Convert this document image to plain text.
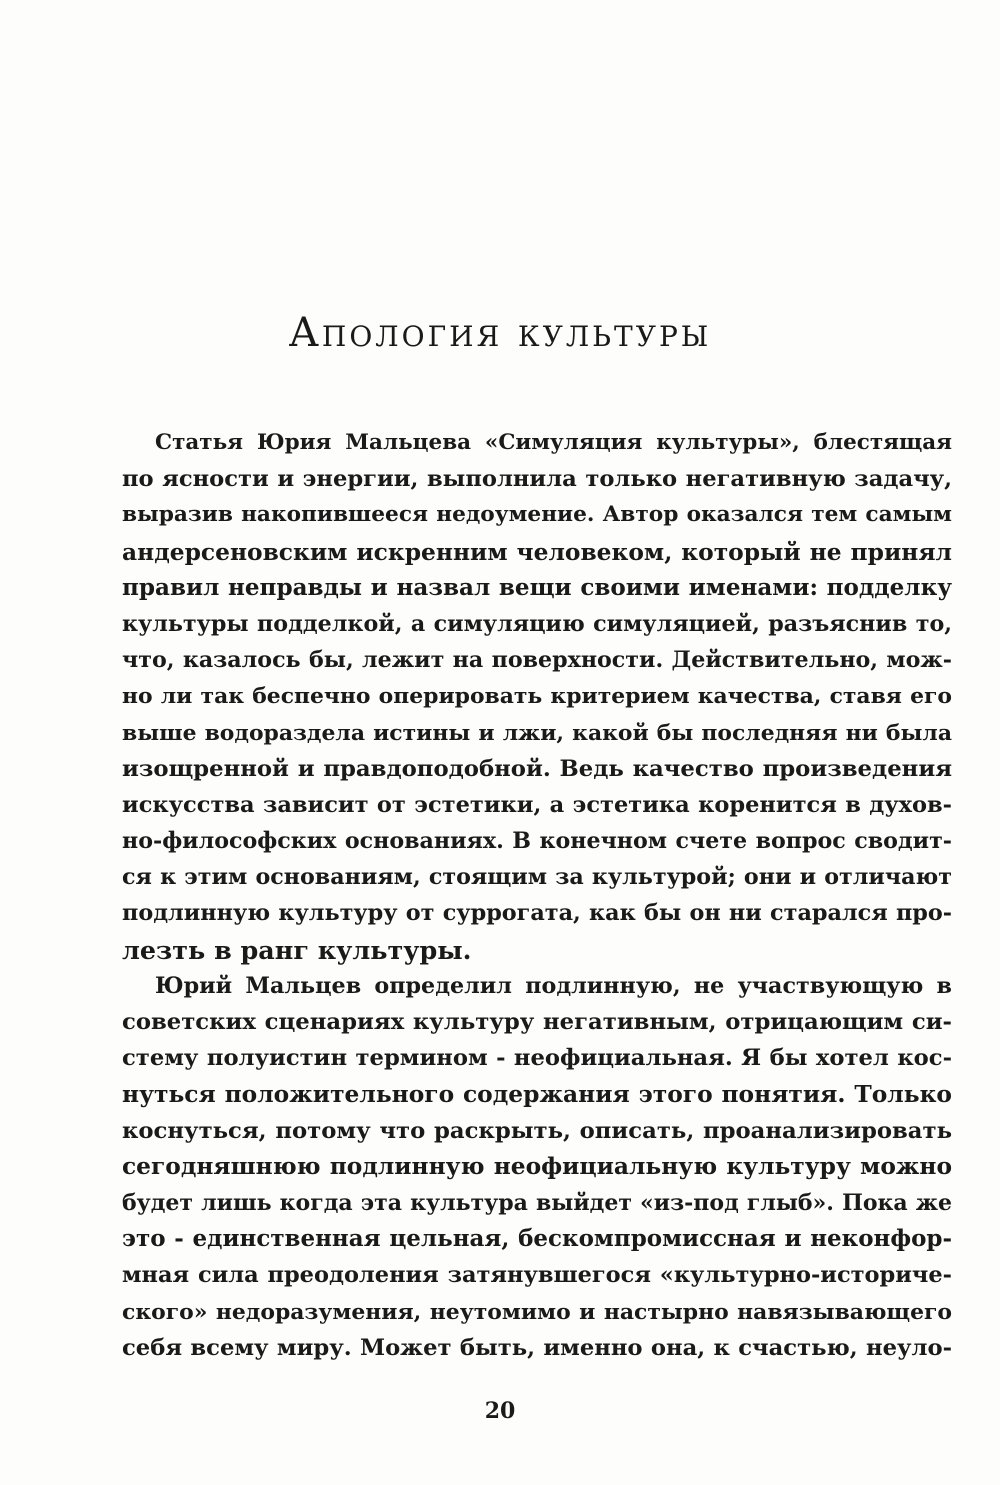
Апология культуры
Статья Юрия Мальцева «Симуляция культуры», блестящая
по ясности и энергии, выполнила только негативную задачу,
выразив накопившееся недоумение. Автор оказался тем самым
андерсеновским искренним человеком, который не принял
правил неправды и назвал вещи своими именами: подделку
культуры подделкой, а симуляцию симуляцией, разъяснив то,
что, казалось бы, лежит на поверхности. Действительно, мож-
но ли так беспечно оперировать критерием качества, ставя его
выше водораздела истины и лжи, какой бы последняя ни была
изощренной и правдоподобной. Ведь качество произведения
искусства зависит от эстетики, а эстетика коренится в духов-
но-философских основаниях. В конечном счете вопрос сводит-
ся к этим основаниям, стоящим за культурой; они и отличают
подлинную культуру от суррогата, как бы он ни старался про-
лезть в ранг культуры.
Юрий Мальцев определил подлинную, не участвующую в
советских сценариях культуру негативным, отрицающим си-
стему полуистин термином - неофициальная. Я бы хотел кос-
нуться положительного содержания этого понятия. Только
коснуться, потому что раскрыть, описать, проанализировать
сегодняшнюю подлинную неофициальную культуру можно
будет лишь когда эта культура выйдет «из-под глыб». Пока же
это - единственная цельная, бескомпромиссная и неконфор-
мная сила преодоления затянувшегося «культурно-историче-
ского» недоразумения, неутомимо и настырно навязывающего
себя всему миру. Может быть, именно она, к счастью, неуло-
20
